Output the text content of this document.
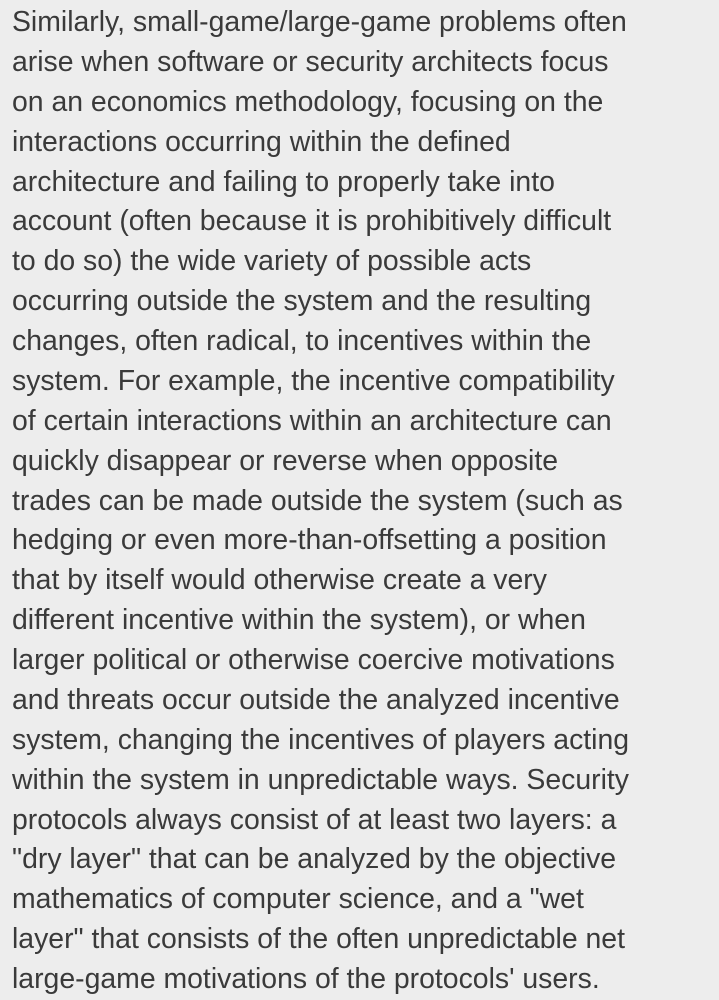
Similarly, small-game/large-game problems often
arise when software or security architects focus
on an economics methodology, focusing on the
interactions occurring within the defined
architecture and failing to properly take into
account (often because it is prohibitively difficult
to do so) the wide variety of possible acts
occurring outside the system and the resulting
changes, often radical, to incentives within the
system. For example, the incentive compatibility
of certain interactions within an architecture can
quickly disappear or reverse when opposite
trades can be made outside the system (such as
hedging or even more-than-offsetting a position
that by itself would otherwise create a very
different incentive within the system), or when
larger political or otherwise coercive motivations
and threats occur outside the analyzed incentive
system, changing the incentives of players acting
within the system in unpredictable ways. Security
protocols always consist of at least two layers: a
"dry layer" that can be analyzed by the objective
mathematics of computer science, and a "wet
layer" that consists of the often unpredictable net
large-game motivations of the protocols' users.
